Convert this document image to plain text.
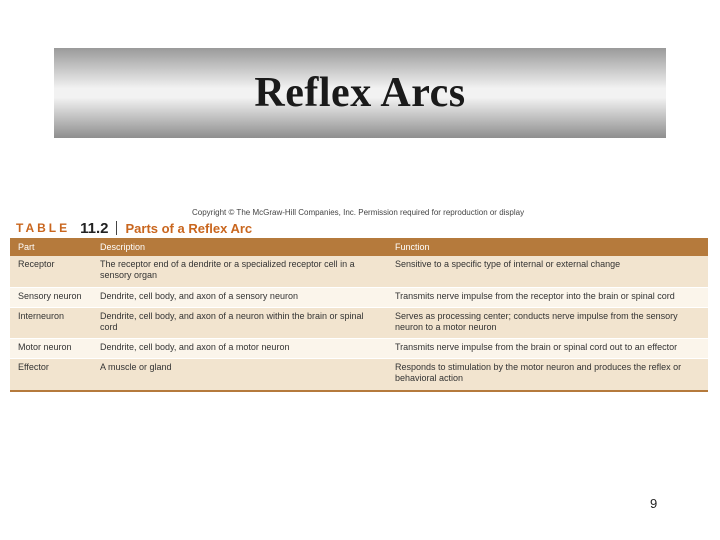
Reflex Arcs
Copyright © The McGraw-Hill Companies, Inc. Permission required for reproduction or display
TABLE 11.2 Parts of a Reflex Arc
Part	Description	Function
Receptor	The receptor end of a dendrite or a specialized receptor cell in a sensory organ	Sensitive to a specific type of internal or external change
Sensory neuron	Dendrite, cell body, and axon of a sensory neuron	Transmits nerve impulse from the receptor into the brain or spinal cord
Interneuron	Dendrite, cell body, and axon of a neuron within the brain or spinal cord	Serves as processing center; conducts nerve impulse from the sensory neuron to a motor neuron
Motor neuron	Dendrite, cell body, and axon of a motor neuron	Transmits nerve impulse from the brain or spinal cord out to an effector
Effector	A muscle or gland	Responds to stimulation by the motor neuron and produces the reflex or behavioral action
9
